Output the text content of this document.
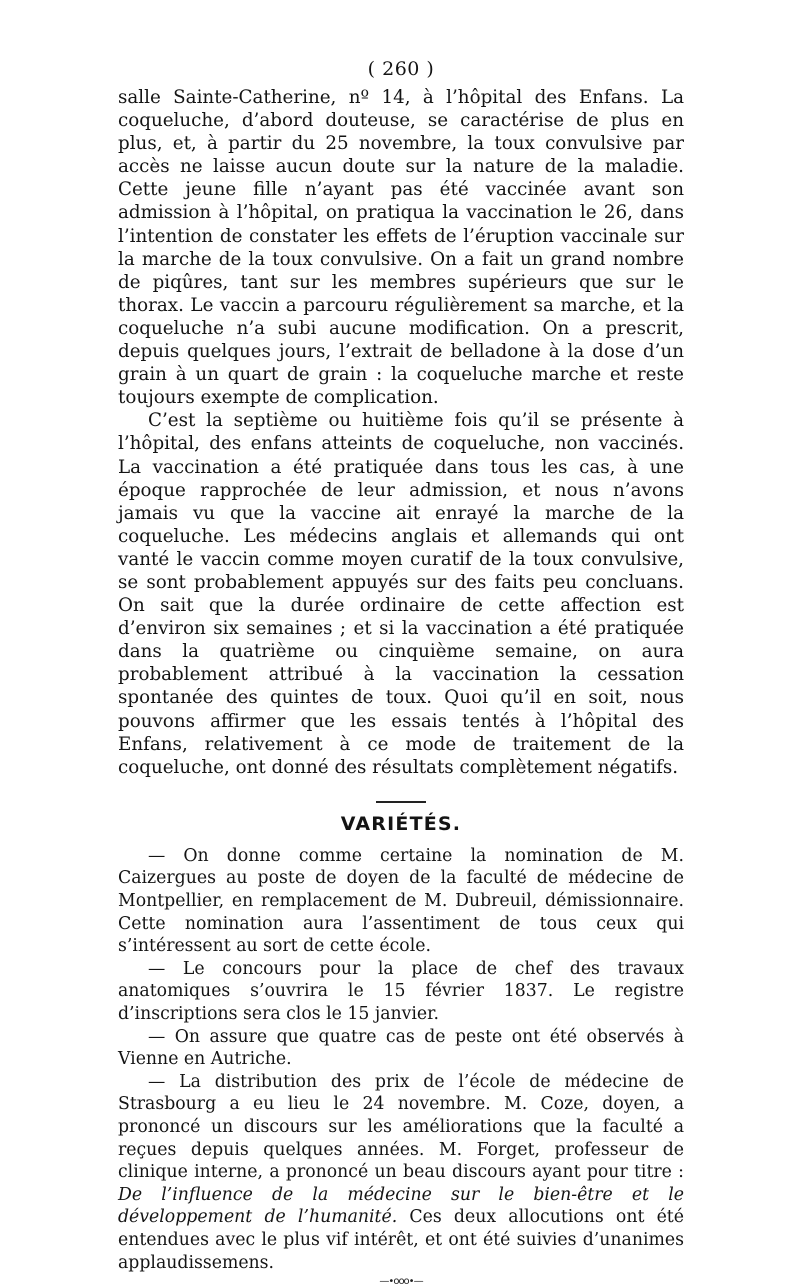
( 260 )

salle Sainte-Catherine, nº 14, à l’hôpital des Enfans. La coqueluche, d’abord douteuse, se caractérise de plus en plus, et, à partir du 25 novembre, la toux convulsive par accès ne laisse aucun doute sur la nature de la maladie. Cette jeune fille n’ayant pas été vaccinée avant son admission à l’hôpital, on pratiqua la vaccination le 26, dans l’intention de constater les effets de l’éruption vaccinale sur la marche de la toux convulsive. On a fait un grand nombre de piqûres, tant sur les membres supérieurs que sur le thorax. Le vaccin a parcouru régulièrement sa marche, et la coqueluche n’a subi aucune modification. On a prescrit, depuis quelques jours, l’extrait de belladone à la dose d’un grain à un quart de grain : la coqueluche marche et reste toujours exempte de complication.

C’est la septième ou huitième fois qu’il se présente à l’hôpital, des enfans atteints de coqueluche, non vaccinés. La vaccination a été pratiquée dans tous les cas, à une époque rapprochée de leur admission, et nous n’avons jamais vu que la vaccine ait enrayé la marche de la coqueluche. Les médecins anglais et allemands qui ont vanté le vaccin comme moyen curatif de la toux convulsive, se sont probablement appuyés sur des faits peu concluans. On sait que la durée ordinaire de cette affection est d’environ six semaines ; et si la vaccination a été pratiquée dans la quatrième ou cinquième semaine, on aura probablement attribué à la vaccination la cessation spontanée des quintes de toux. Quoi qu’il en soit, nous pouvons affirmer que les essais tentés à l’hôpital des Enfans, relativement à ce mode de traitement de la coqueluche, ont donné des résultats complètement négatifs.

VARIÉTÉS.

— On donne comme certaine la nomination de M. Caizergues au poste de doyen de la faculté de médecine de Montpellier, en remplacement de M. Dubreuil, démissionnaire. Cette nomination aura l’assentiment de tous ceux qui s’intéressent au sort de cette école.

— Le concours pour la place de chef des travaux anatomiques s’ouvrira le 15 février 1837. Le registre d’inscriptions sera clos le 15 janvier.

— On assure que quatre cas de peste ont été observés à Vienne en Autriche.

— La distribution des prix de l’école de médecine de Strasbourg a eu lieu le 24 novembre. M. Coze, doyen, a prononcé un discours sur les améliorations que la faculté a reçues depuis quelques années. M. Forget, professeur de clinique interne, a prononcé un beau discours ayant pour titre : De l’influence de la médecine sur le bien-être et le développement de l’humanité. Ces deux allocutions ont été entendues avec le plus vif intérêt, et ont été suivies d’unanimes applaudissemens.

—•ooo•—
